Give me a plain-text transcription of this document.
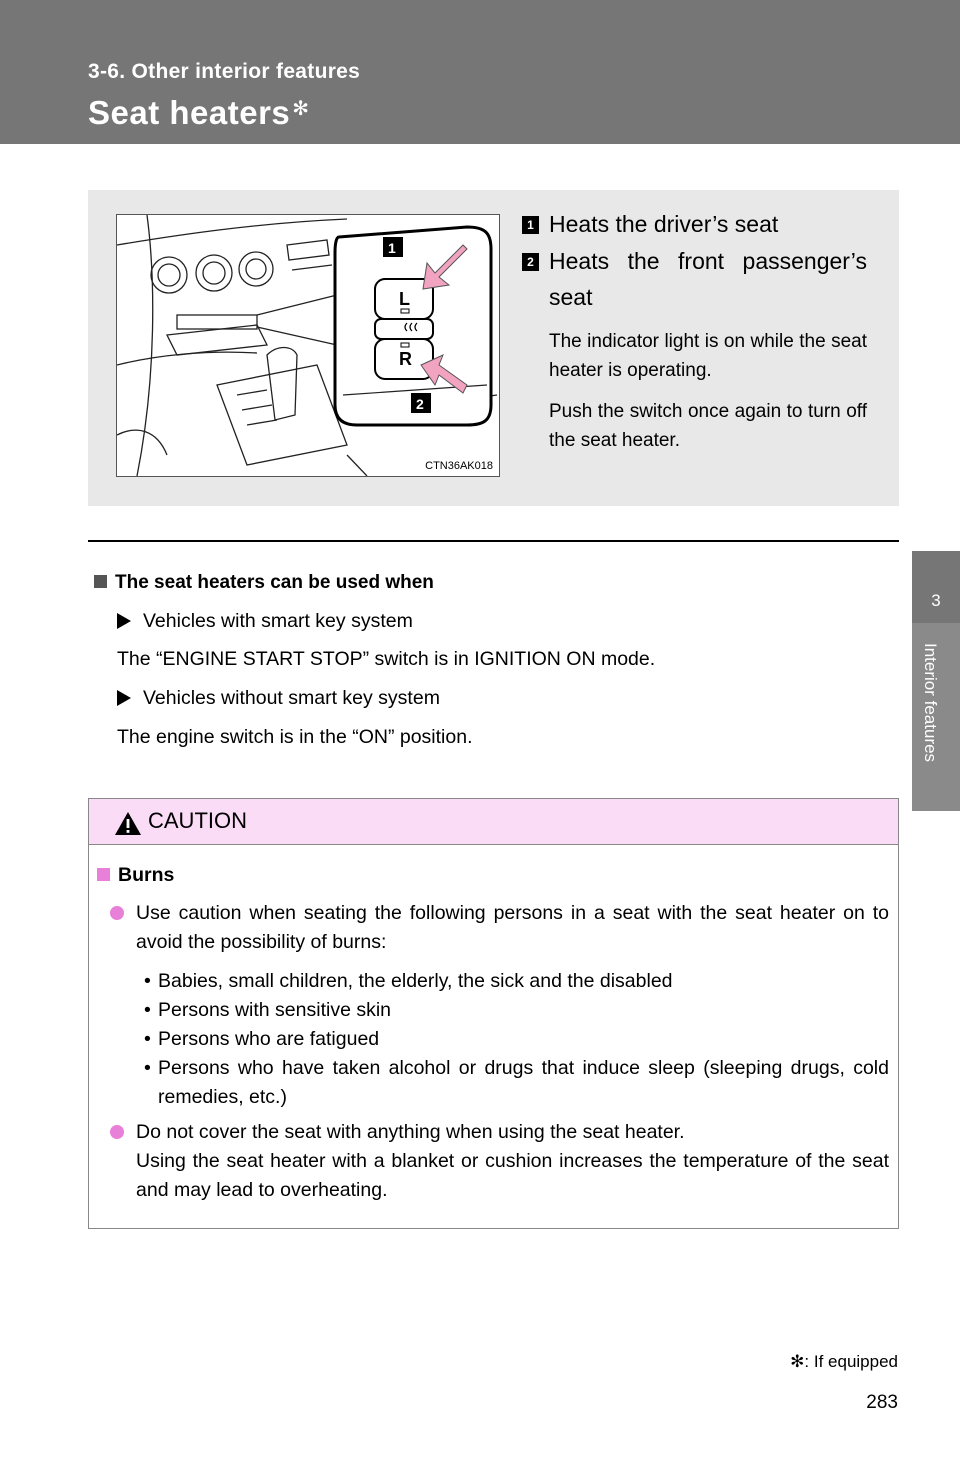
3-6. Other interior features
Seat heaters ✻
3
Interior features
L
R
1
2
CTN36AK018
1 Heats the driver’s seat
2 Heats the front passenger’s seat
The indicator light is on while the seat heater is operating.
Push the switch once again to turn off the seat heater.
The seat heaters can be used when
Vehicles with smart key system
The “ENGINE START STOP” switch is in IGNITION ON mode.
Vehicles without smart key system
The engine switch is in the “ON” position.
CAUTION
Burns
Use caution when seating the following persons in a seat with the seat heater on to avoid the possibility of burns:
• Babies, small children, the elderly, the sick and the disabled
• Persons with sensitive skin
• Persons who are fatigued
• Persons who have taken alcohol or drugs that induce sleep (sleeping drugs, cold remedies, etc.)
Do not cover the seat with anything when using the seat heater.
Using the seat heater with a blanket or cushion increases the temperature of the seat and may lead to overheating.
✻: If equipped
283
